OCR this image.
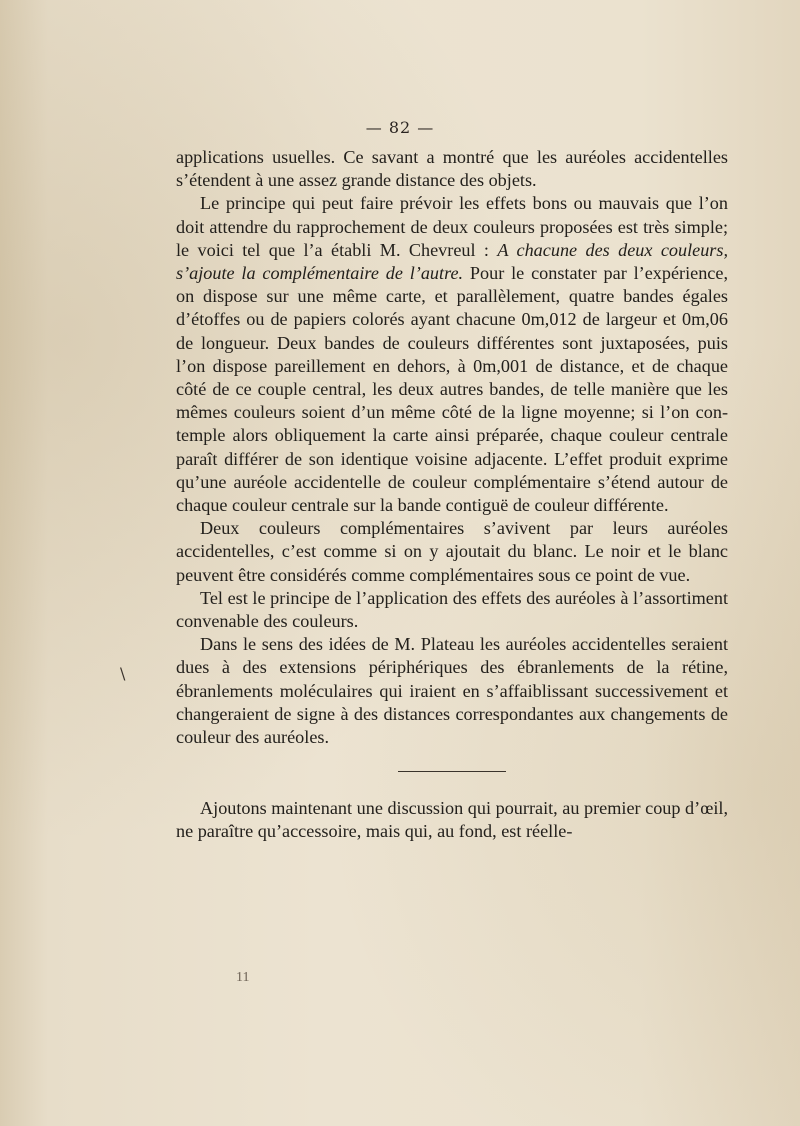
— 82 —
\

applications usuelles. Ce savant a montré que les auréoles accidentelles s’étendent à une assez grande distance des objets.

Le principe qui peut faire prévoir les effets bons ou mauvais que l’on doit attendre du rapprochement de deux couleurs proposées est très simple; le voici tel que l’a établi M. Chevreul : A chacune des deux couleurs, s’ajoute la complémentaire de l’autre. Pour le constater par l’expérience, on dispose sur une même carte, et parallèlement, quatre bandes égales d’étoffes ou de papiers colorés ayant chacune 0m,012 de largeur et 0m,06 de longueur. Deux bandes de couleurs différentes sont juxtaposées, puis l’on dispose pareillement en dehors, à 0m,001 de distance, et de chaque côté de ce couple central, les deux autres bandes, de telle manière que les mêmes couleurs soient d’un même côté de la ligne moyenne; si l’on contemple alors obliquement la carte ainsi préparée, chaque couleur centrale paraît différer de son identique voisine adjacente. L’effet produit exprime qu’une auréole accidentelle de couleur complémentaire s’étend autour de chaque couleur centrale sur la bande contiguë de couleur différente.

Deux couleurs complémentaires s’avivent par leurs auréoles accidentelles, c’est comme si on y ajoutait du blanc. Le noir et le blanc peuvent être considérés comme complémentaires sous ce point de vue.

Tel est le principe de l’application des effets des auréoles à l’assortiment convenable des couleurs.

Dans le sens des idées de M. Plateau les auréoles accidentelles seraient dues à des extensions périphériques des ébranlements de la rétine, ébranlements moléculaires qui iraient en s’affaiblissant successivement et changeraient de signe à des distances correspondantes aux changements de couleur des auréoles.

Ajoutons maintenant une discussion qui pourrait, au premier coup d’œil, ne paraître qu’accessoire, mais qui, au fond, est réelle-

11
